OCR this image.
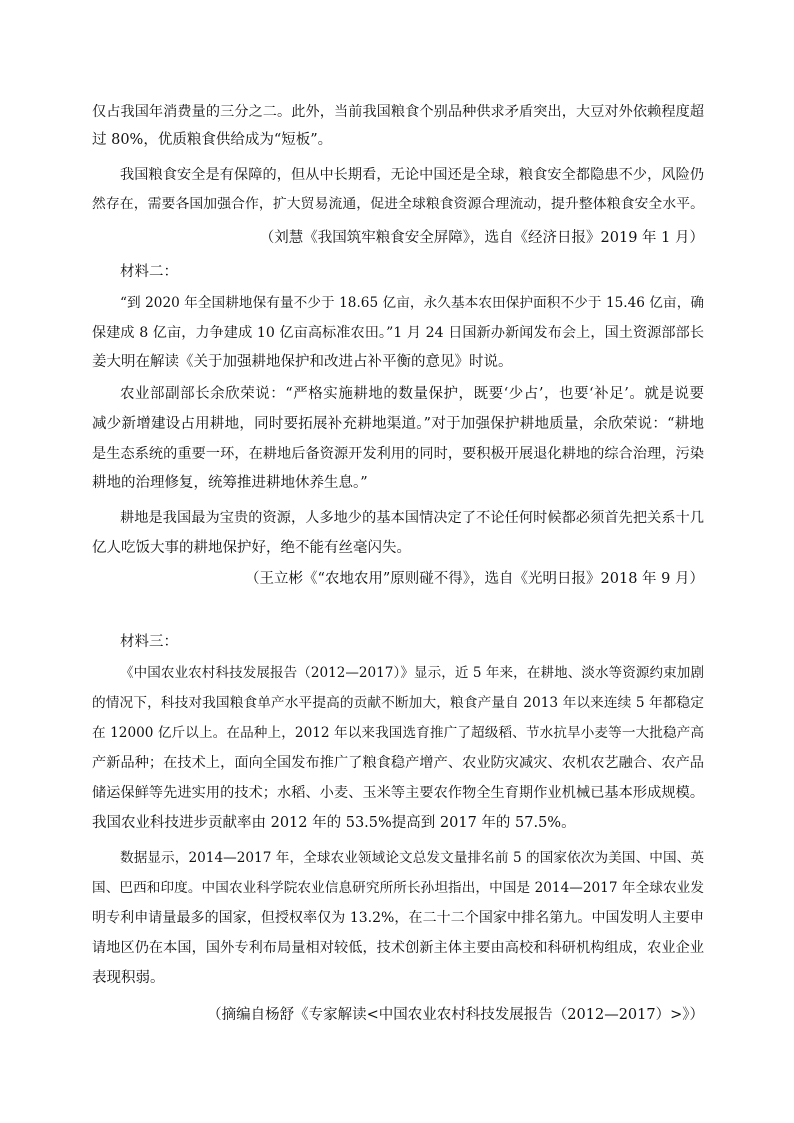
仅占我国年消费量的三分之二。此外，当前我国粮食个别品种供求矛盾突出，大豆对外依赖程度超
过 80%，优质粮食供给成为“短板”。
我国粮食安全是有保障的，但从中长期看，无论中国还是全球，粮食安全都隐患不少，风险仍
然存在，需要各国加强合作，扩大贸易流通，促进全球粮食资源合理流动，提升整体粮食安全水平。
（刘慧《我国筑牢粮食安全屏障》，选自《经济日报》2019 年 1 月）
材料二：
“到 2020 年全国耕地保有量不少于 18.65 亿亩，永久基本农田保护面积不少于 15.46 亿亩，确
保建成 8 亿亩，力争建成 10 亿亩高标准农田。”1 月 24 日国新办新闻发布会上，国土资源部部长
姜大明在解读《关于加强耕地保护和改进占补平衡的意见》时说。
农业部副部长余欣荣说：“严格实施耕地的数量保护，既要‘少占’，也要‘补足’。就是说要
减少新增建设占用耕地，同时要拓展补充耕地渠道。”对于加强保护耕地质量，余欣荣说：“耕地
是生态系统的重要一环，在耕地后备资源开发利用的同时，要积极开展退化耕地的综合治理，污染
耕地的治理修复，统筹推进耕地休养生息。”
耕地是我国最为宝贵的资源，人多地少的基本国情决定了不论任何时候都必须首先把关系十几
亿人吃饭大事的耕地保护好，绝不能有丝毫闪失。
（王立彬《“农地农用”原则碰不得》，选自《光明日报》2018 年 9 月）
材料三：
《中国农业农村科技发展报告（2012—2017）》显示，近 5 年来，在耕地、淡水等资源约束加剧
的情况下，科技对我国粮食单产水平提高的贡献不断加大，粮食产量自 2013 年以来连续 5 年都稳定
在 12000 亿斤以上。在品种上，2012 年以来我国选育推广了超级稻、节水抗旱小麦等一大批稳产高
产新品种；在技术上，面向全国发布推广了粮食稳产增产、农业防灾减灾、农机农艺融合、农产品
储运保鲜等先进实用的技术；水稻、小麦、玉米等主要农作物全生育期作业机械已基本形成规模。
我国农业科技进步贡献率由 2012 年的 53.5%提高到 2017 年的 57.5%。
数据显示，2014—2017 年，全球农业领域论文总发文量排名前 5 的国家依次为美国、中国、英
国、巴西和印度。中国农业科学院农业信息研究所所长孙坦指出，中国是 2014—2017 年全球农业发
明专利申请量最多的国家，但授权率仅为 13.2%，在二十二个国家中排名第九。中国发明人主要申
请地区仍在本国，国外专利布局量相对较低，技术创新主体主要由高校和科研机构组成，农业企业
表现积弱。
（摘编自杨舒《专家解读<中国农业农村科技发展报告（2012—2017）>》）
